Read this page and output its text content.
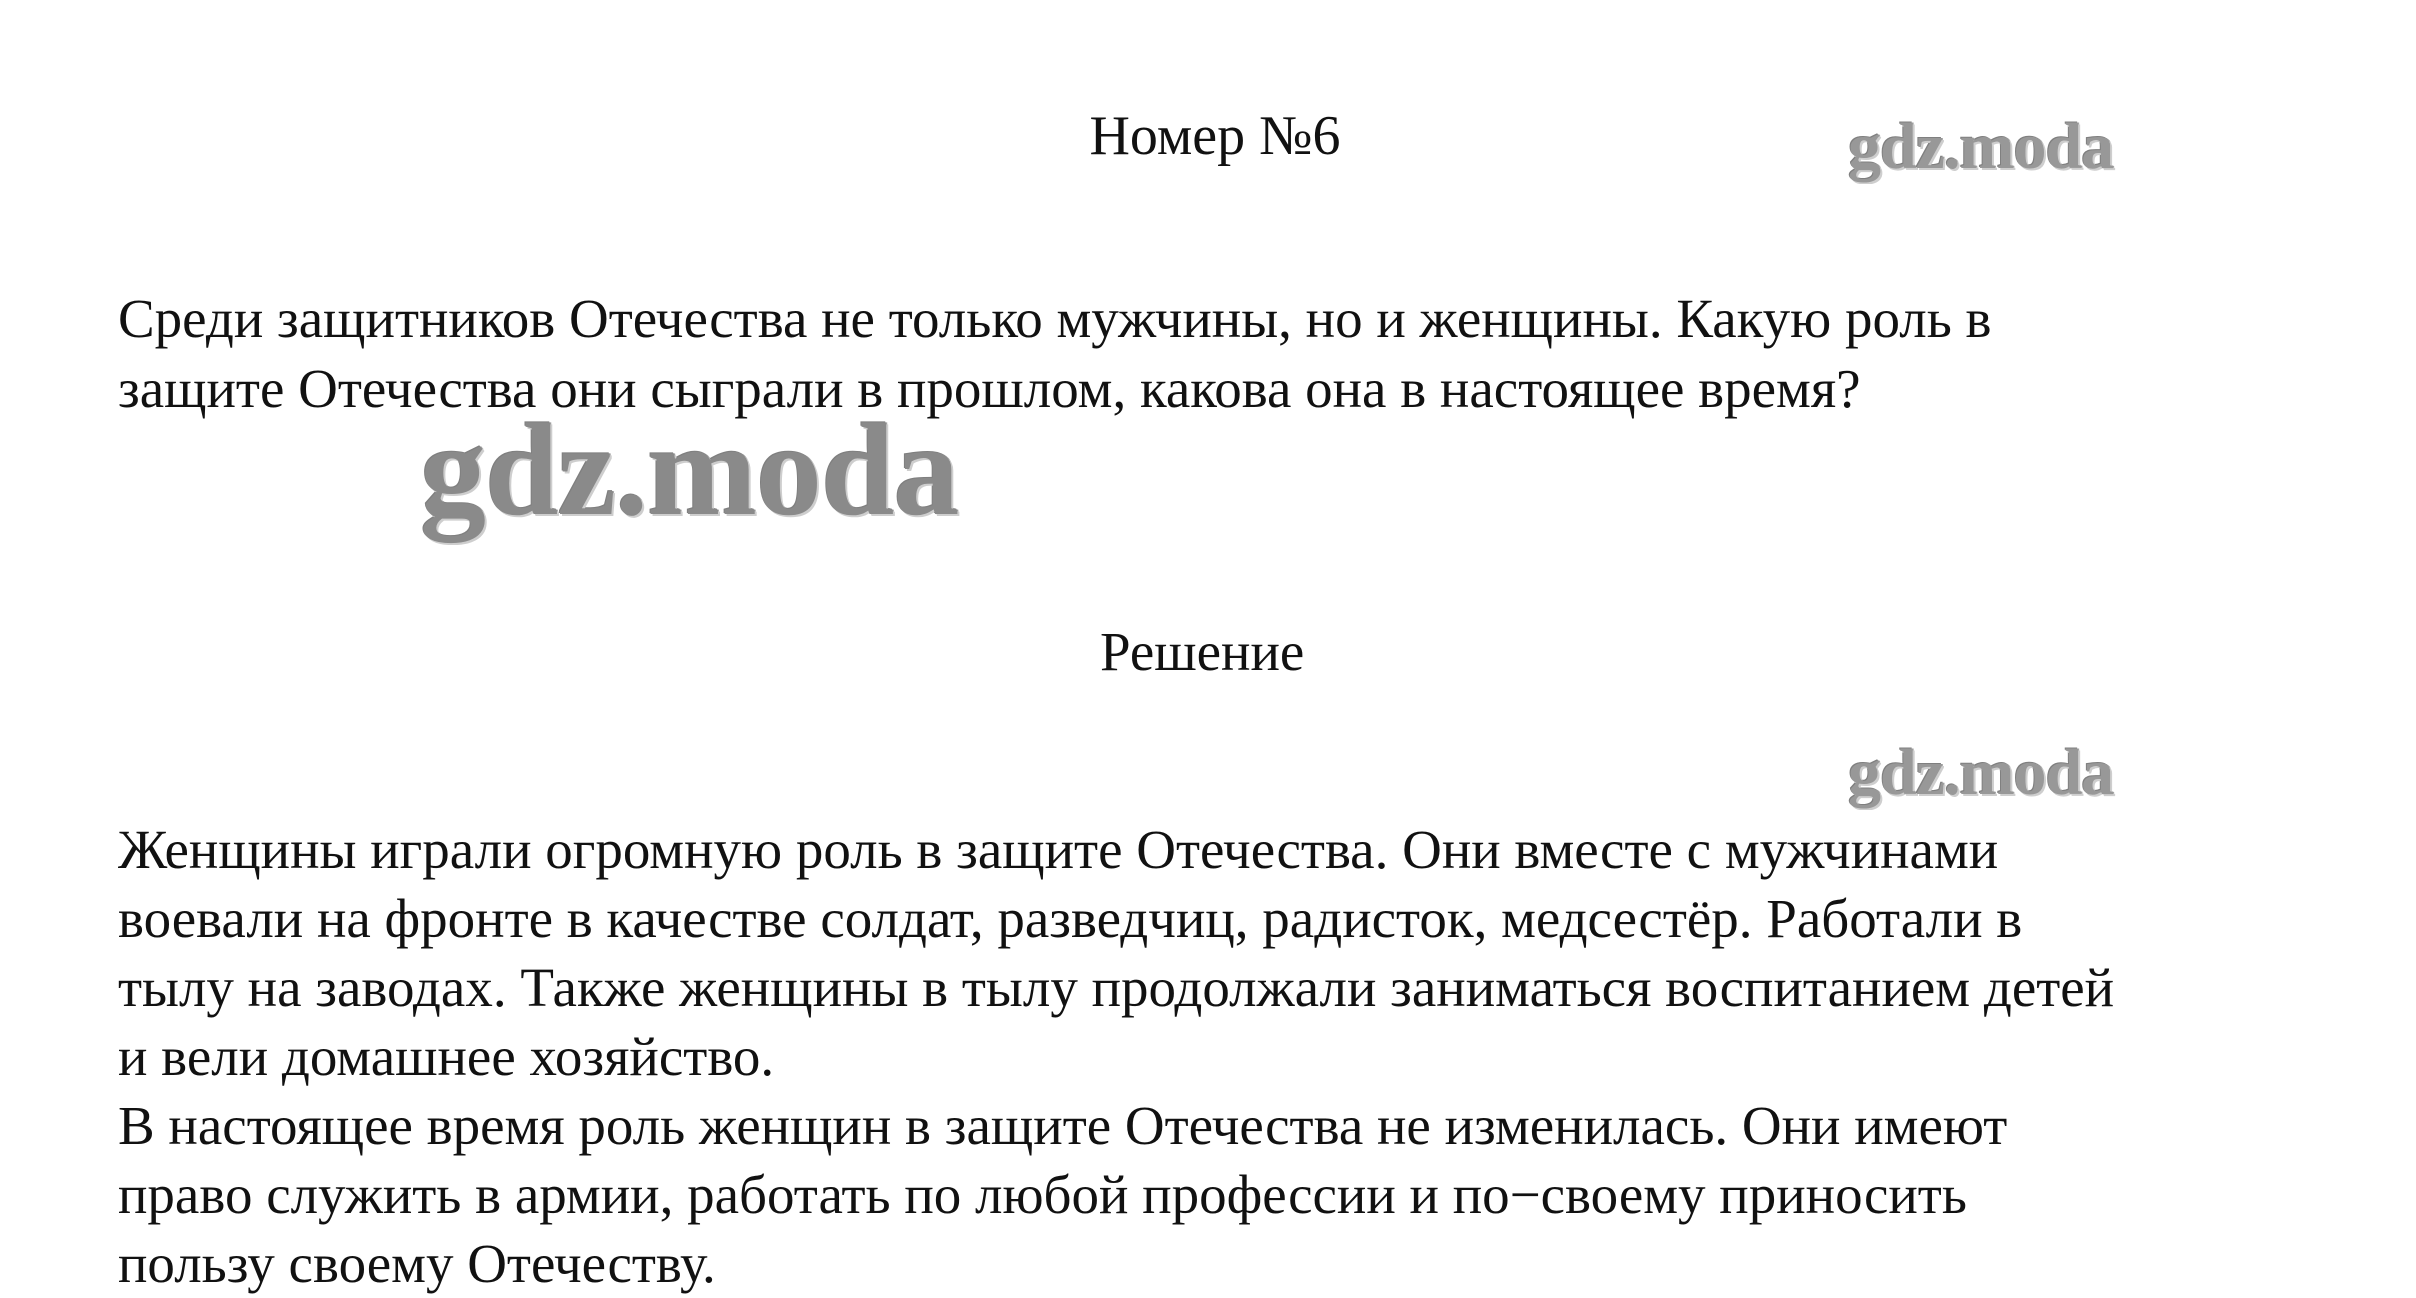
Номер №6

Среди защитников Отечества не только мужчины, но и женщины. Какую роль в

защите Отечества они сыграли в прошлом, какова она в настоящее время?

Решение

Женщины играли огромную роль в защите Отечества. Они вместе с мужчинами

воевали на фронте в качестве солдат, разведчиц, радисток, медсестёр. Работали в

тылу на заводах. Также женщины в тылу продолжали заниматься воспитанием детей

и вели домашнее хозяйство.

В настоящее время роль женщин в защите Отечества не изменилась. Они имеют

право служить в армии, работать по любой профессии и по−своему приносить

пользу своему Отечеству.

gdz.moda
gdz.moda
gdz.moda
